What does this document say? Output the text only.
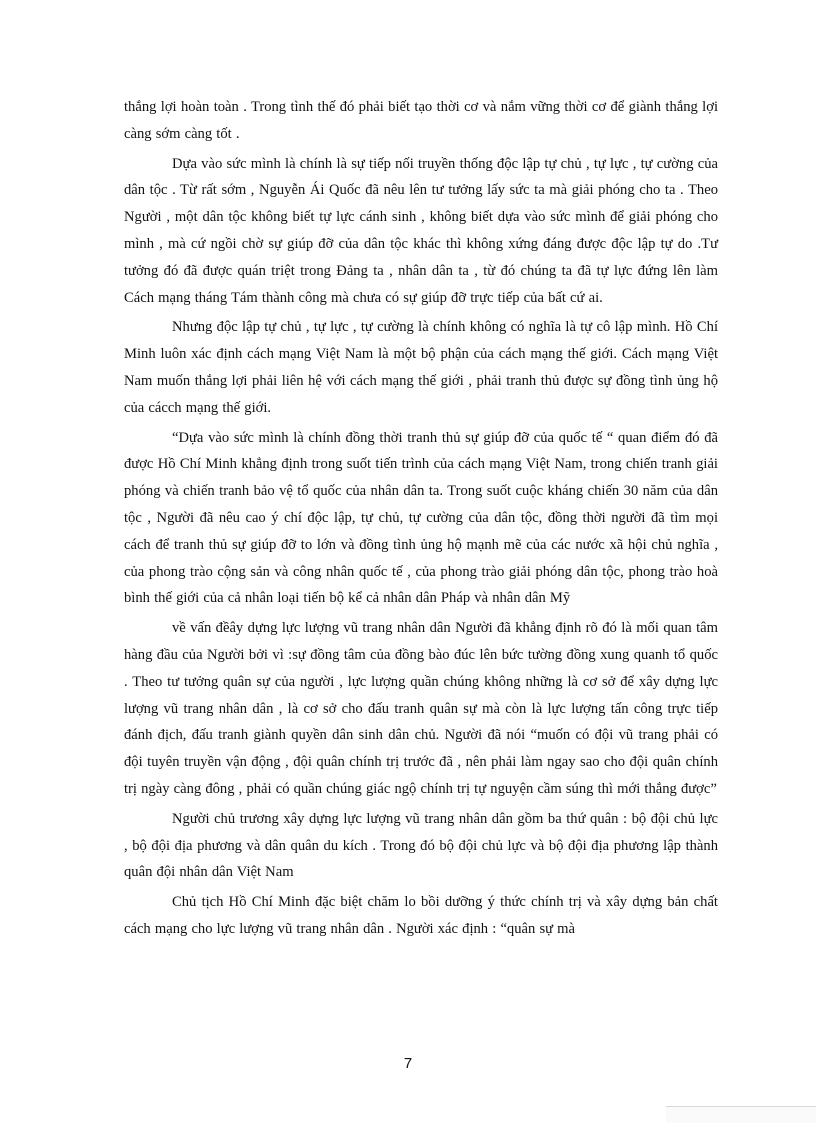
thắng lợi hoàn toàn . Trong tình thế đó phải biết tạo thời cơ và nắm vững thời cơ để giành thắng lợi càng sớm càng tốt .

Dựa vào sức mình là chính là sự tiếp nối truyền thống độc lập tự chủ , tự lực , tự cường của dân tộc . Từ rất sớm , Nguyễn Ái Quốc đã nêu lên tư tưởng lấy sức ta mà giải phóng cho ta . Theo Người , một dân tộc không biết tự lực cánh sinh , không biết dựa vào sức mình để giải phóng cho mình , mà cứ ngồi chờ sự giúp đỡ của dân tộc khác thì không xứng đáng được độc lập tự do .Tư tưởng đó đã được quán triệt trong Đảng ta , nhân dân ta , từ đó chúng ta đã tự lực đứng lên làm Cách mạng tháng Tám thành công mà chưa có sự giúp đỡ trực tiếp của bất cứ ai.

Nhưng độc lập tự chủ , tự lực , tự cường là chính không có nghĩa là tự cô lập mình. Hồ Chí Minh luôn xác định cách mạng Việt Nam là một bộ phận của cách mạng thế giới. Cách mạng Việt Nam muốn thắng lợi phải liên hệ với cách mạng thế giới , phải tranh thủ được sự đồng tình ủng hộ của cácch mạng thế giới.

“Dựa vào sức mình là chính đồng thời tranh thủ sự giúp đỡ của quốc tế “ quan điểm đó đã được Hồ Chí Minh khẳng định trong suốt tiến trình của cách mạng Việt Nam, trong chiến tranh giải phóng và chiến tranh bảo vệ tổ quốc của nhân dân ta. Trong suốt cuộc kháng chiến 30 năm của dân tộc , Người đã nêu cao ý chí độc lập, tự chủ, tự cường của dân tộc, đồng thời người đã tìm mọi cách để tranh thủ sự giúp đỡ to lớn và đồng tình ủng hộ mạnh mẽ của các nước xã hội chủ nghĩa , của phong trào cộng sản và công nhân quốc tế , của phong trào giải phóng dân tộc, phong trào hoà bình thế giới của cả nhân loại tiến bộ kể cả nhân dân Pháp và nhân dân Mỹ

về vấn đềây dựng lực lượng vũ trang nhân dân Người đã khẳng định rõ đó là mối quan tâm hàng đầu của Người bởi vì :sự đồng tâm của đồng bào đúc lên bức tường đồng xung quanh tổ quốc . Theo tư tưởng quân sự của người , lực lượng quần chúng không những là cơ sở để xây dựng lực lượng vũ trang nhân dân , là cơ sở cho đấu tranh quân sự mà còn là lực lượng tấn công trực tiếp đánh địch, đấu tranh giành quyền dân sinh dân chủ. Người đã nói “muốn có đội vũ trang phải có đội tuyên truyền vận động , đội quân chính trị trước đã , nên phải làm ngay sao cho đội quân chính trị ngày càng đông , phải có quần chúng giác ngộ chính trị tự nguyện cầm súng thì mới thắng được”

Người chủ trương xây dựng lực lượng vũ trang nhân dân gồm ba thứ quân : bộ đội chủ lực , bộ đội địa phương và dân quân du kích . Trong đó bộ đội chủ lực và bộ đội địa phương lập thành quân đội nhân dân Việt Nam

Chủ tịch Hồ Chí Minh đặc biệt chăm lo bồi dưỡng ý thức chính trị và xây dựng bản chất cách mạng cho lực lượng vũ trang nhân dân . Người xác định : “quân sự mà

7
